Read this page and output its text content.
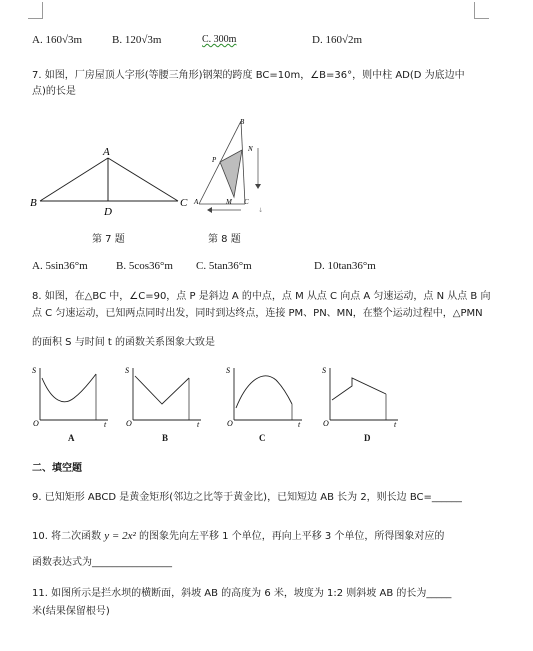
A. 160√3m	B. 120√3m	C. 300m	D. 160√2m
7. 如图，厂房屋顶人字形(等腰三角形)钢架的跨度 BC=10m，∠B=36°，则中柱 AD(D 为底边中
点)的长是
A
B	C
D
B
P
N
A	M C
↓
第 7 题	第 8 题
A. 5sin36°m	B. 5cos36°m C. 5tan36°m	D. 10tan36°m
8. 如图，在△BC 中，∠C=90，点 P 是斜边 A 的中点，点 M 从点 C 向点 A 匀速运动，点 N 从点 B 向
点 C 匀速运动，已知两点同时出发，同时到达终点，连接 PM、PN、MN，在整个运动过程中，△PMN
的面积 S 与时间 t 的函数关系图象大致是
S
O	t
S
O	t
S
O	t
S
O	t
A	B	C	D
二、填空题
9. 已知矩形 ABCD 是黄金矩形(邻边之比等于黄金比)，已知短边 AB 长为 2，则长边 BC=______
10. 将二次函数 y = 2x² 的图象先向左平移 1 个单位，再向上平移 3 个单位，所得图象对应的
函数表达式为________________
11. 如图所示是拦水坝的横断面，斜坡 AB 的高度为 6 米，坡度为 1:2 则斜坡 AB 的长为_____
米(结果保留根号)
